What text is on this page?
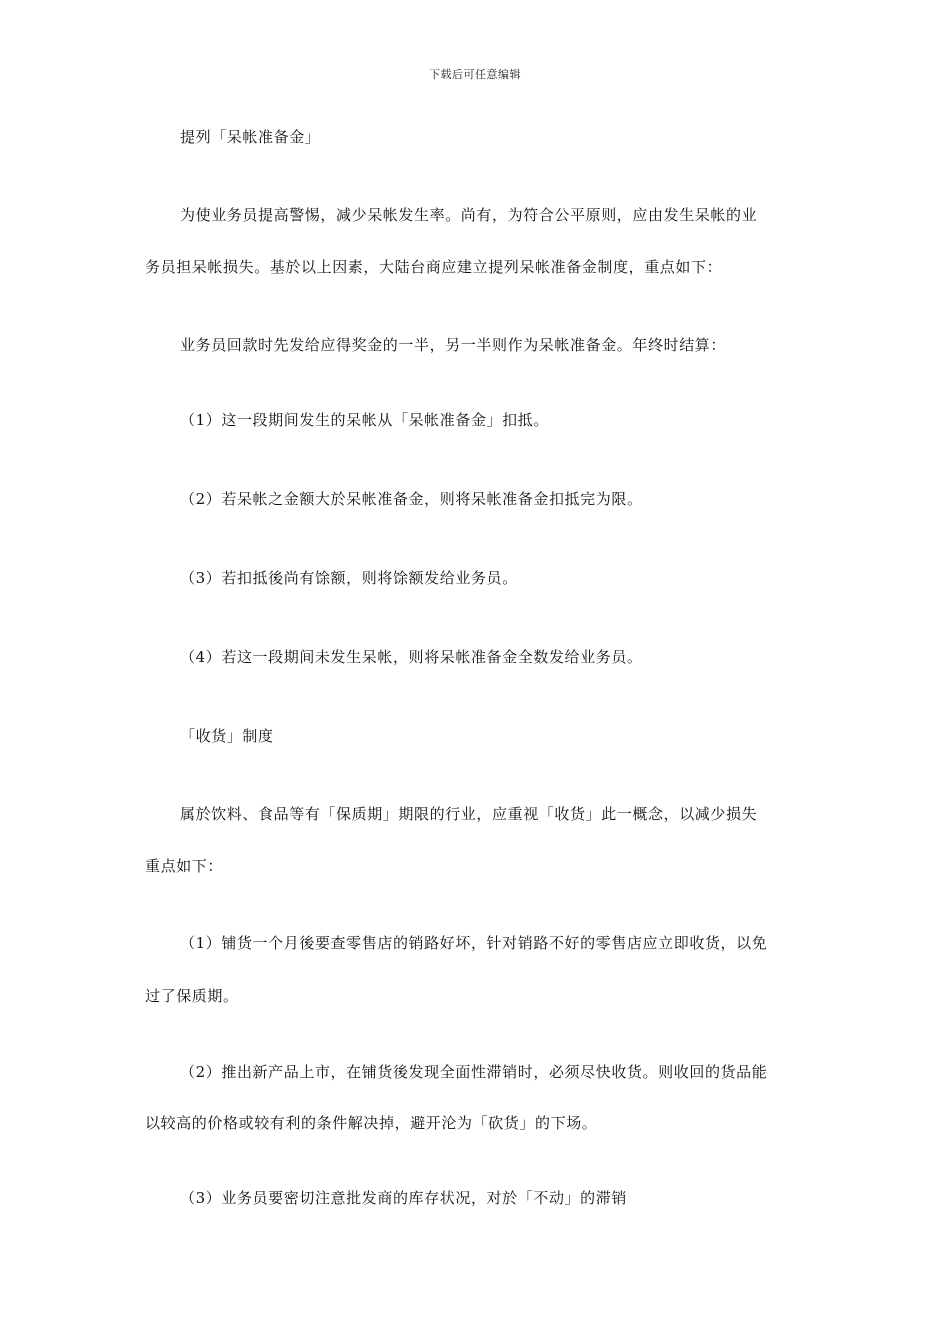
下载后可任意编辑
提列「呆帐准备金」
为使业务员提高警惕，减少呆帐发生率。尚有，为符合公平原则，应由发生呆帐的业
务员担呆帐损失。基於以上因素，大陆台商应建立提列呆帐准备金制度，重点如下：
业务员回款时先发给应得奖金的一半，另一半则作为呆帐准备金。年终时结算：
（1）这一段期间发生的呆帐从「呆帐准备金」扣抵。
（2）若呆帐之金额大於呆帐准备金，则将呆帐准备金扣抵完为限。
（3）若扣抵後尚有馀额，则将馀额发给业务员。
（4）若这一段期间未发生呆帐，则将呆帐准备金全数发给业务员。
「收货」制度
属於饮料、食品等有「保质期」期限的行业，应重视「收货」此一概念，以减少损失
重点如下：
（1）铺货一个月後要查零售店的销路好坏，针对销路不好的零售店应立即收货，以免
过了保质期。
（2）推出新产品上市，在铺货後发现全面性滞销时，必须尽快收货。则收回的货品能
以较高的价格或较有利的条件解决掉，避开沦为「砍货」的下场。
（3）业务员要密切注意批发商的库存状况，对於「不动」的滞销
